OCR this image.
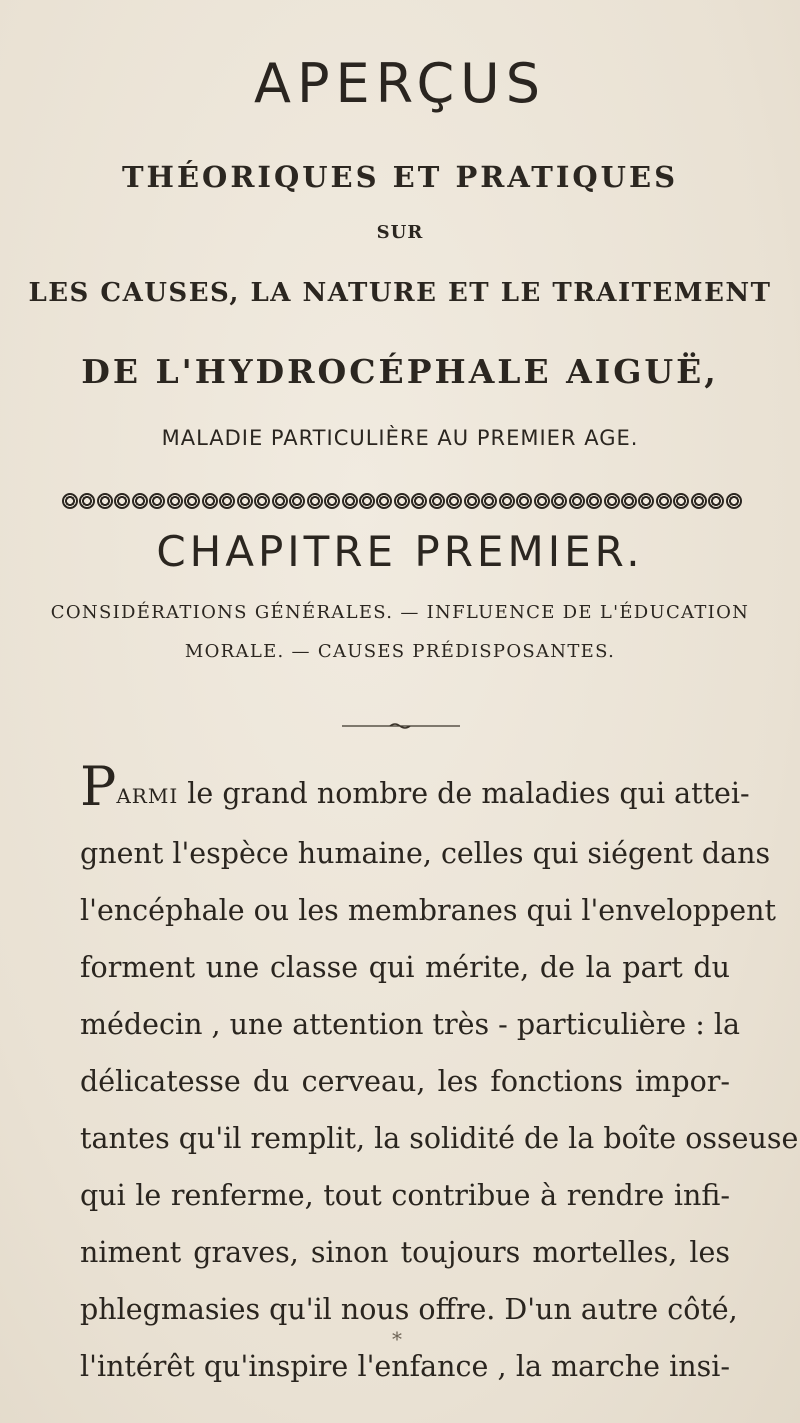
APERÇUS
THÉORIQUES ET PRATIQUES
SUR
LES CAUSES, LA NATURE ET LE TRAITEMENT
DE L'HYDROCÉPHALE AIGUË,
MALADIE PARTICULIÈRE AU PREMIER AGE.
CHAPITRE PREMIER.
CONSIDÉRATIONS GÉNÉRALES. — INFLUENCE DE L'ÉDUCATION
MORALE. — CAUSES PRÉDISPOSANTES.
PARMI le grand nombre de maladies qui attei-
gnent l'espèce humaine, celles qui siégent dans
l'encéphale ou les membranes qui l'enveloppent
forment une classe qui mérite, de la part du
médecin , une attention très - particulière : la
délicatesse du cerveau, les fonctions impor-
tantes qu'il remplit, la solidité de la boîte osseuse
qui le renferme, tout contribue à rendre infi-
niment graves, sinon toujours mortelles, les
phlegmasies qu'il nous offre. D'un autre côté,
l'intérêt qu'inspire l'enfance , la marche insi-
*
